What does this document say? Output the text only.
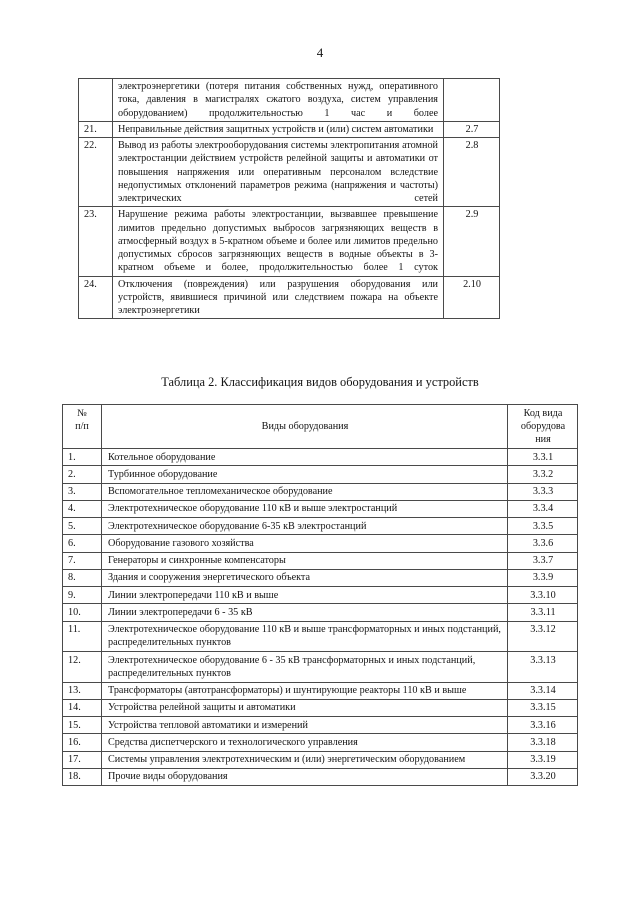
4
	электроэнергетики (потеря питания собственных нужд, оперативного тока, давления в магистралях сжатого воздуха, систем управления оборудованием) продолжительностью 1 час и более	
21.	Неправильные действия защитных устройств и (или) систем автоматики	2.7
22.	Вывод из работы электрооборудования системы электропитания атомной электростанции действием устройств релейной защиты и автоматики от повышения напряжения или оперативным персоналом вследствие недопустимых отклонений параметров режима (напряжения и частоты) электрических сетей	2.8
23.	Нарушение режима работы электростанции, вызвавшее превышение лимитов предельно допустимых выбросов загрязняющих веществ в атмосферный воздух в 5-кратном объеме и более или лимитов предельно допустимых сбросов загрязняющих веществ в водные объекты в 3-кратном объеме и более, продолжительностью более 1 суток	2.9
24.	Отключения (повреждения) или разрушения оборудования или устройств, явившиеся причиной или следствием пожара на объекте электроэнергетики	2.10
Таблица 2. Классификация видов оборудования и устройств
№
п/п	Виды оборудования	Код вида
оборудова
ния

1.	Котельное оборудование	3.3.1
2.	Турбинное оборудование	3.3.2
3.	Вспомогательное тепломеханическое оборудование	3.3.3
4.	Электротехническое оборудование 110 кВ и выше электростанций	3.3.4
5.	Электротехническое оборудование 6-35 кВ электростанций	3.3.5
6.	Оборудование газового хозяйства	3.3.6
7.	Генераторы и синхронные компенсаторы	3.3.7
8.	Здания и сооружения энергетического объекта	3.3.9
9.	Линии электропередачи 110 кВ и выше	3.3.10
10.	Линии электропередачи 6 - 35 кВ	3.3.11
11.	Электротехническое оборудование 110 кВ и выше трансформаторных и иных подстанций, распределительных пунктов	3.3.12
12.	Электротехническое оборудование 6 - 35 кВ трансформаторных и иных подстанций, распределительных пунктов	3.3.13
13.	Трансформаторы (автотрансформаторы) и шунтирующие реакторы 110 кВ и выше	3.3.14
14.	Устройства релейной защиты и автоматики	3.3.15
15.	Устройства тепловой автоматики и измерений	3.3.16
16.	Средства диспетчерского и технологического управления	3.3.18
17.	Системы управления электротехническим и (или) энергетическим оборудованием	3.3.19
18.	Прочие виды оборудования	3.3.20
